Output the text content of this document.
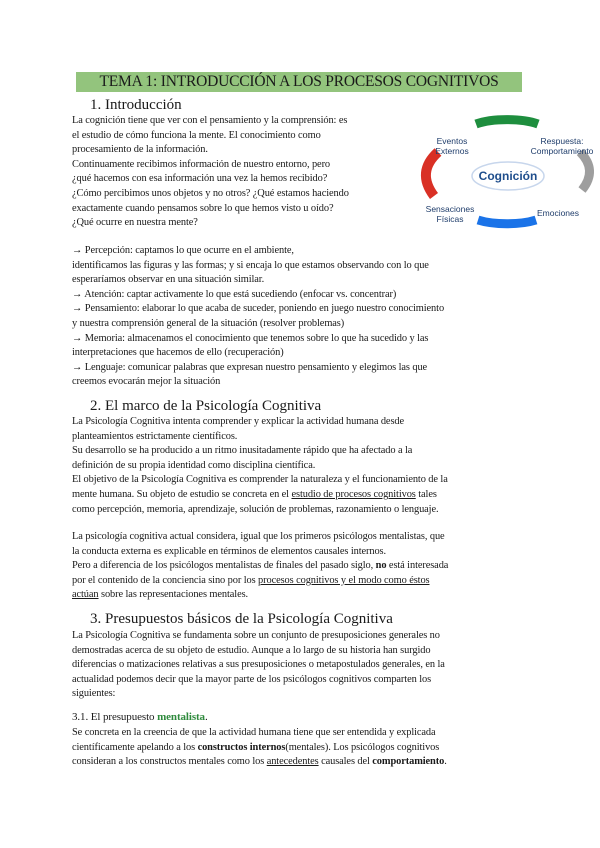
TEMA 1: INTRODUCCIÓN A LOS PROCESOS COGNITIVOS
1. Introducción
La cognición tiene que ver con el pensamiento y la comprensión: es
el estudio de cómo funciona la mente. El conocimiento como
procesamiento de la información.
Continuamente recibimos información de nuestro entorno, pero
¿qué hacemos con esa información una vez la hemos recibido?
¿Cómo percibimos unos objetos y no otros? ¿Qué estamos haciendo
exactamente cuando pensamos sobre lo que hemos visto u oído?
¿Qué ocurre en nuestra mente?
Cognición
Eventos
Externos
Respuesta:
Comportamiento
Emociones
Sensaciones
Físicas
→ Percepción: captamos lo que ocurre en el ambiente,
identificamos las figuras y las formas; y si encaja lo que estamos observando con lo que
esperaríamos observar en una situación similar.
→ Atención: captar activamente lo que está sucediendo (enfocar vs. concentrar)
→ Pensamiento: elaborar lo que acaba de suceder, poniendo en juego nuestro conocimiento
y nuestra comprensión general de la situación (resolver problemas)
→ Memoria: almacenamos el conocimiento que tenemos sobre lo que ha sucedido y las
interpretaciones que hacemos de ello (recuperación)
→ Lenguaje: comunicar palabras que expresan nuestro pensamiento y elegimos las que
creemos evocarán mejor la situación
2. El marco de la Psicología Cognitiva
La Psicología Cognitiva intenta comprender y explicar la actividad humana desde
planteamientos estrictamente científicos.
Su desarrollo se ha producido a un ritmo inusitadamente rápido que ha afectado a la
definición de su propia identidad como disciplina científica.
El objetivo de la Psicología Cognitiva es comprender la naturaleza y el funcionamiento de la
mente humana. Su objeto de estudio se concreta en el estudio de procesos cognitivos tales
como percepción, memoria, aprendizaje, solución de problemas, razonamiento o lenguaje.
La psicología cognitiva actual considera, igual que los primeros psicólogos mentalistas, que
la conducta externa es explicable en términos de elementos causales internos.
Pero a diferencia de los psicólogos mentalistas de finales del pasado siglo, no está interesada
por el contenido de la conciencia sino por los procesos cognitivos y el modo como éstos
actúan sobre las representaciones mentales.
3. Presupuestos básicos de la Psicología Cognitiva
La Psicología Cognitiva se fundamenta sobre un conjunto de presuposiciones generales no
demostradas acerca de su objeto de estudio. Aunque a lo largo de su historia han surgido
diferencias o matizaciones relativas a sus presuposiciones o metapostulados generales, en la
actualidad podemos decir que la mayor parte de los psicólogos cognitivos comparten los
siguientes:
3.1. El presupuesto mentalista.
Se concreta en la creencia de que la actividad humana tiene que ser entendida y explicada
científicamente apelando a los constructos internos(mentales). Los psicólogos cognitivos
consideran a los constructos mentales como los antecedentes causales del comportamiento.
